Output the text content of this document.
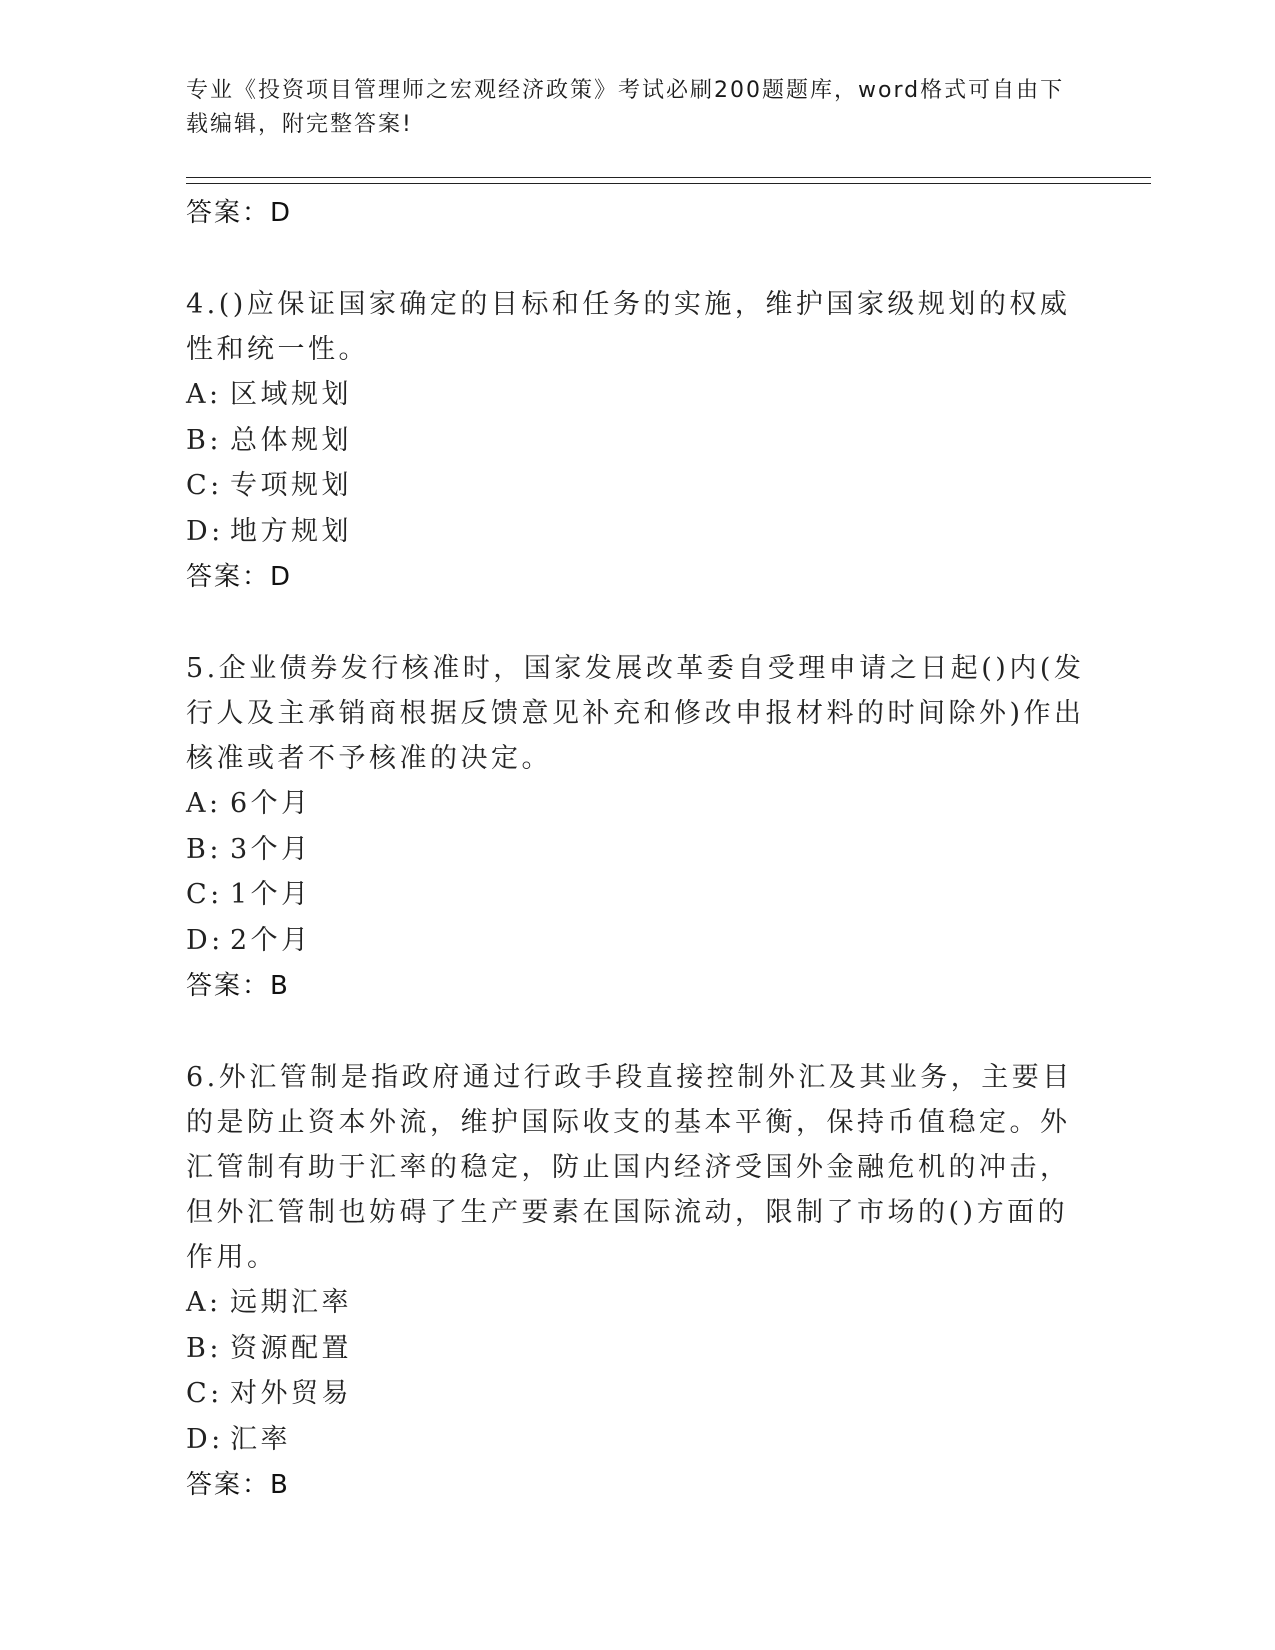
专业《投资项目管理师之宏观经济政策》考试必刷200题题库，word格式可自由下载编辑，附完整答案!
答案：D
4.()应保证国家确定的目标和任务的实施，维护国家级规划的权威性和统一性。
A: 区域规划
B: 总体规划
C: 专项规划
D: 地方规划
答案：D
5.企业债券发行核准时，国家发展改革委自受理申请之日起()内(发行人及主承销商根据反馈意见补充和修改申报材料的时间除外)作出核准或者不予核准的决定。
A: 6个月
B: 3个月
C: 1个月
D: 2个月
答案：B
6.外汇管制是指政府通过行政手段直接控制外汇及其业务，主要目的是防止资本外流，维护国际收支的基本平衡，保持币值稳定。外汇管制有助于汇率的稳定，防止国内经济受国外金融危机的冲击，但外汇管制也妨碍了生产要素在国际流动，限制了市场的()方面的作用。
A: 远期汇率
B: 资源配置
C: 对外贸易
D: 汇率
答案：B
